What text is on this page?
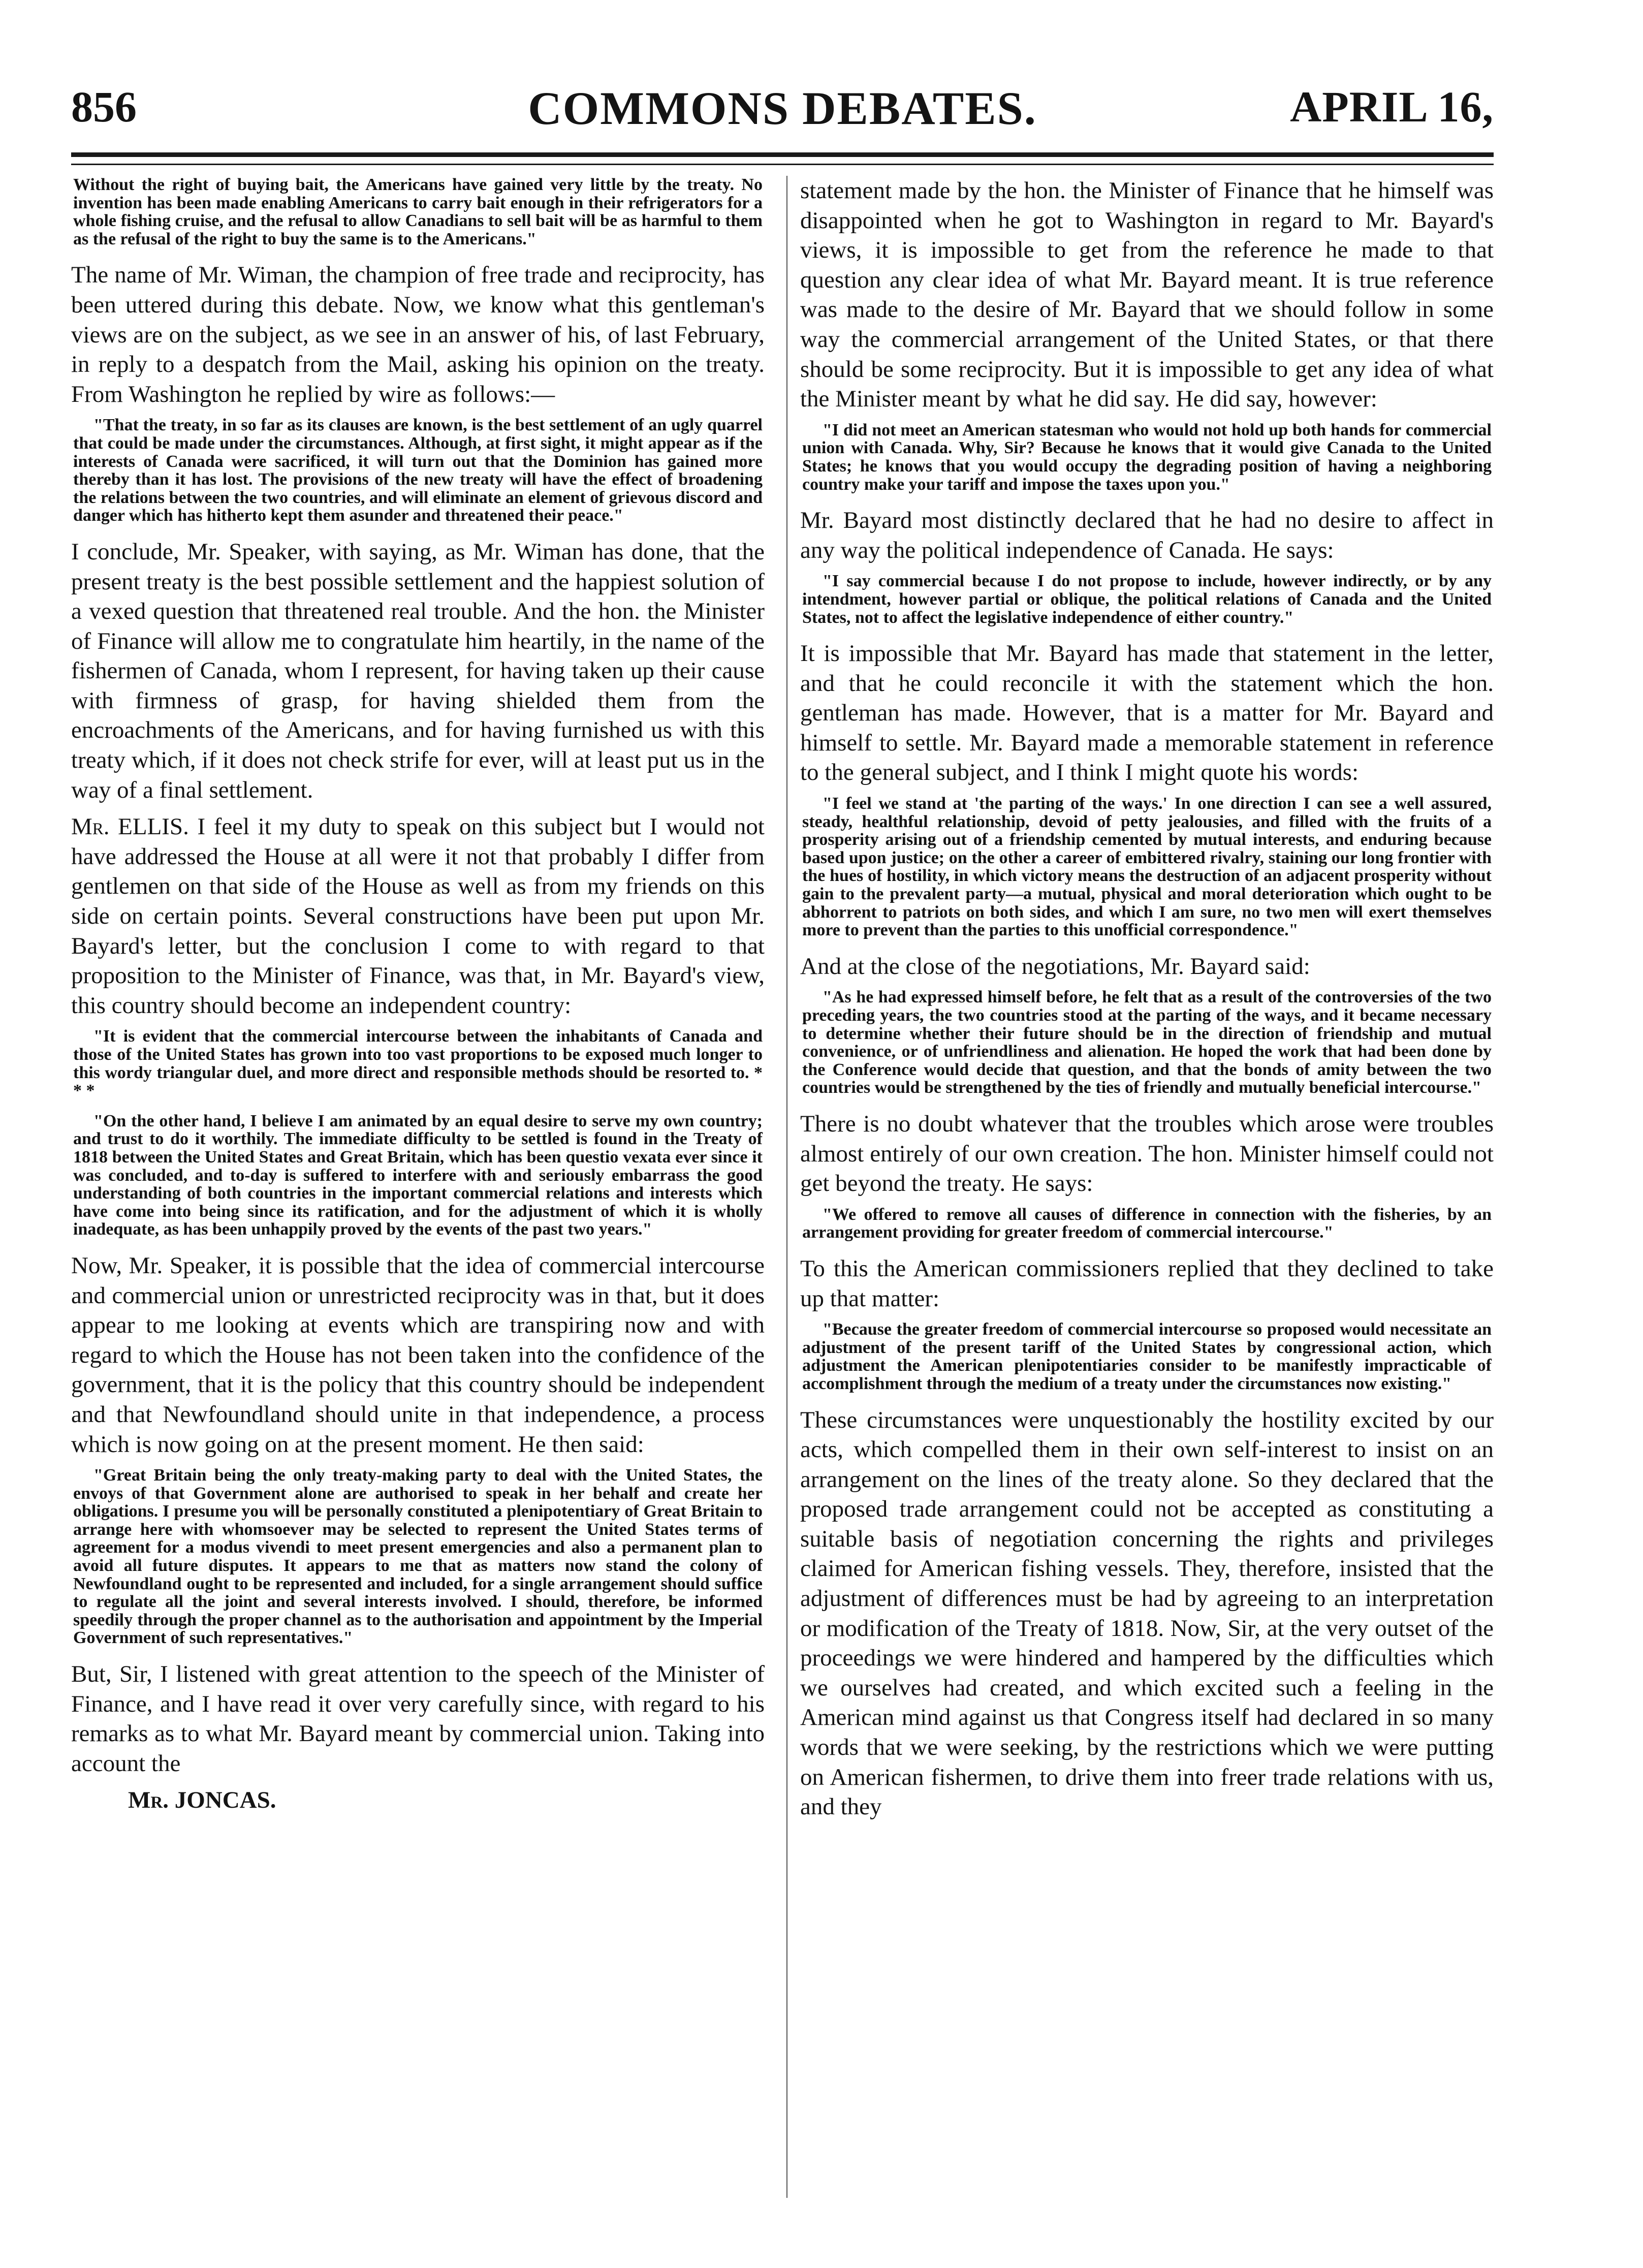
856	COMMONS DEBATES.	APRIL 16,

Without the right of buying bait, the Americans have gained very little by the treaty. No invention has been made enabling Americans to carry bait enough in their refrigerators for a whole fishing cruise, and the refusal to allow Canadians to sell bait will be as harmful to them as the refusal of the right to buy the same is to the Americans."

The name of Mr. Wiman, the champion of free trade and reciprocity, has been uttered during this debate. Now, we know what this gentleman's views are on the subject, as we see in an answer of his, of last February, in reply to a despatch from the Mail, asking his opinion on the treaty. From Washington he replied by wire as follows:—

"That the treaty, in so far as its clauses are known, is the best settlement of an ugly quarrel that could be made under the circumstances. Although, at first sight, it might appear as if the interests of Canada were sacrificed, it will turn out that the Dominion has gained more thereby than it has lost. The provisions of the new treaty will have the effect of broadening the relations between the two countries, and will eliminate an element of grievous discord and danger which has hitherto kept them asunder and threatened their peace."

I conclude, Mr. Speaker, with saying, as Mr. Wiman has done, that the present treaty is the best possible settlement and the happiest solution of a vexed question that threatened real trouble. And the hon. the Minister of Finance will allow me to congratulate him heartily, in the name of the fishermen of Canada, whom I represent, for having taken up their cause with firmness of grasp, for having shielded them from the encroachments of the Americans, and for having furnished us with this treaty which, if it does not check strife for ever, will at least put us in the way of a final settlement.

Mr. ELLIS. I feel it my duty to speak on this subject but I would not have addressed the House at all were it not that probably I differ from gentlemen on that side of the House as well as from my friends on this side on certain points. Several constructions have been put upon Mr. Bayard's letter, but the conclusion I come to with regard to that proposition to the Minister of Finance, was that, in Mr. Bayard's view, this country should become an independent country:

"It is evident that the commercial intercourse between the inhabitants of Canada and those of the United States has grown into too vast proportions to be exposed much longer to this wordy triangular duel, and more direct and responsible methods should be resorted to. * * *

"On the other hand, I believe I am animated by an equal desire to serve my own country; and trust to do it worthily. The immediate difficulty to be settled is found in the Treaty of 1818 between the United States and Great Britain, which has been questio vexata ever since it was concluded, and to-day is suffered to interfere with and seriously embarrass the good understanding of both countries in the important commercial relations and interests which have come into being since its ratification, and for the adjustment of which it is wholly inadequate, as has been unhappily proved by the events of the past two years."

Now, Mr. Speaker, it is possible that the idea of commercial intercourse and commercial union or unrestricted reciprocity was in that, but it does appear to me looking at events which are transpiring now and with regard to which the House has not been taken into the confidence of the government, that it is the policy that this country should be independent and that Newfoundland should unite in that independence, a process which is now going on at the present moment. He then said:

"Great Britain being the only treaty-making party to deal with the United States, the envoys of that Government alone are authorised to speak in her behalf and create her obligations. I presume you will be personally constituted a plenipotentiary of Great Britain to arrange here with whomsoever may be selected to represent the United States terms of agreement for a modus vivendi to meet present emergencies and also a permanent plan to avoid all future disputes. It appears to me that as matters now stand the colony of Newfoundland ought to be represented and included, for a single arrangement should suffice to regulate all the joint and several interests involved. I should, therefore, be informed speedily through the proper channel as to the authorisation and appointment by the Imperial Government of such representatives."

But, Sir, I listened with great attention to the speech of the Minister of Finance, and I have read it over very carefully since, with regard to his remarks as to what Mr. Bayard meant by commercial union. Taking into account the

Mr. JONCAS.

statement made by the hon. the Minister of Finance that he himself was disappointed when he got to Washington in regard to Mr. Bayard's views, it is impossible to get from the reference he made to that question any clear idea of what Mr. Bayard meant. It is true reference was made to the desire of Mr. Bayard that we should follow in some way the commercial arrangement of the United States, or that there should be some reciprocity. But it is impossible to get any idea of what the Minister meant by what he did say. He did say, however:

"I did not meet an American statesman who would not hold up both hands for commercial union with Canada. Why, Sir? Because he knows that it would give Canada to the United States; he knows that you would occupy the degrading position of having a neighboring country make your tariff and impose the taxes upon you."

Mr. Bayard most distinctly declared that he had no desire to affect in any way the political independence of Canada. He says:

"I say commercial because I do not propose to include, however indirectly, or by any intendment, however partial or oblique, the political relations of Canada and the United States, not to affect the legislative independence of either country."

It is impossible that Mr. Bayard has made that statement in the letter, and that he could reconcile it with the statement which the hon. gentleman has made. However, that is a matter for Mr. Bayard and himself to settle. Mr. Bayard made a memorable statement in reference to the general subject, and I think I might quote his words:

"I feel we stand at 'the parting of the ways.' In one direction I can see a well assured, steady, healthful relationship, devoid of petty jealousies, and filled with the fruits of a prosperity arising out of a friendship cemented by mutual interests, and enduring because based upon justice; on the other a career of embittered rivalry, staining our long frontier with the hues of hostility, in which victory means the destruction of an adjacent prosperity without gain to the prevalent party—a mutual, physical and moral deterioration which ought to be abhorrent to patriots on both sides, and which I am sure, no two men will exert themselves more to prevent than the parties to this unofficial correspondence."

And at the close of the negotiations, Mr. Bayard said:

"As he had expressed himself before, he felt that as a result of the controversies of the two preceding years, the two countries stood at the parting of the ways, and it became necessary to determine whether their future should be in the direction of friendship and mutual convenience, or of unfriendliness and alienation. He hoped the work that had been done by the Conference would decide that question, and that the bonds of amity between the two countries would be strengthened by the ties of friendly and mutually beneficial intercourse."

There is no doubt whatever that the troubles which arose were troubles almost entirely of our own creation. The hon. Minister himself could not get beyond the treaty. He says:

"We offered to remove all causes of difference in connection with the fisheries, by an arrangement providing for greater freedom of commercial intercourse."

To this the American commissioners replied that they declined to take up that matter:

"Because the greater freedom of commercial intercourse so proposed would necessitate an adjustment of the present tariff of the United States by congressional action, which adjustment the American plenipotentiaries consider to be manifestly impracticable of accomplishment through the medium of a treaty under the circumstances now existing."

These circumstances were unquestionably the hostility excited by our acts, which compelled them in their own self-interest to insist on an arrangement on the lines of the treaty alone. So they declared that the proposed trade arrangement could not be accepted as constituting a suitable basis of negotiation concerning the rights and privileges claimed for American fishing vessels. They, therefore, insisted that the adjustment of differences must be had by agreeing to an interpretation or modification of the Treaty of 1818. Now, Sir, at the very outset of the proceedings we were hindered and hampered by the difficulties which we ourselves had created, and which excited such a feeling in the American mind against us that Congress itself had declared in so many words that we were seeking, by the restrictions which we were putting on American fishermen, to drive them into freer trade relations with us, and they
